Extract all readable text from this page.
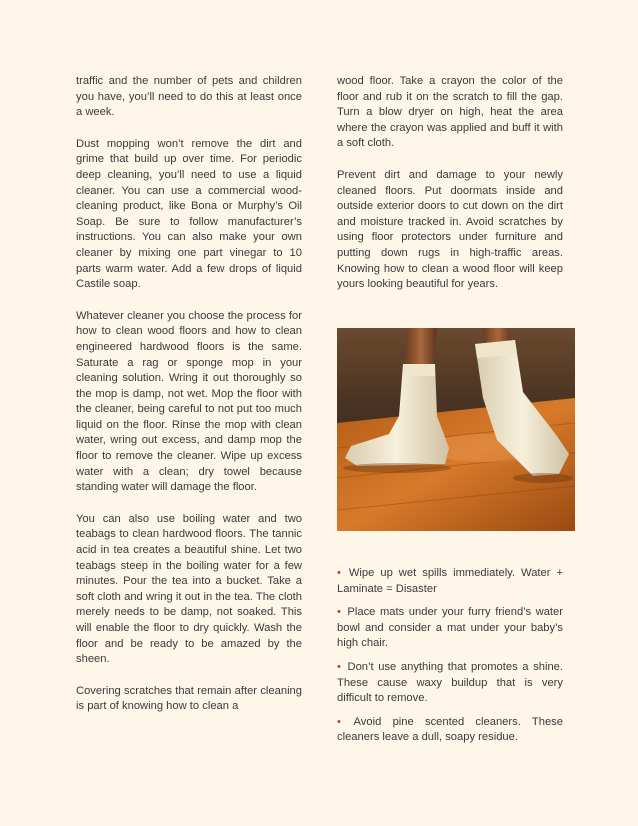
traffic and the number of pets and children you have, you’ll need to do this at least once a week.

Dust mopping won’t remove the dirt and grime that build up over time. For periodic deep cleaning, you’ll need to use a liquid cleaner. You can use a commercial wood-cleaning product, like Bona or Murphy’s Oil Soap. Be sure to follow manufacturer’s instructions. You can also make your own cleaner by mixing one part vinegar to 10 parts warm water. Add a few drops of liquid Castile soap.

Whatever cleaner you choose the process for how to clean wood floors and how to clean engineered hardwood floors is the same. Saturate a rag or sponge mop in your cleaning solution. Wring it out thoroughly so the mop is damp, not wet. Mop the floor with the cleaner, being careful to not put too much liquid on the floor. Rinse the mop with clean water, wring out excess, and damp mop the floor to remove the cleaner. Wipe up excess water with a clean; dry towel because standing water will damage the floor.

You can also use boiling water and two teabags to clean hardwood floors. The tannic acid in tea creates a beautiful shine. Let two teabags steep in the boiling water for a few minutes. Pour the tea into a bucket. Take a soft cloth and wring it out in the tea. The cloth merely needs to be damp, not soaked. This will enable the floor to dry quickly. Wash the floor and be ready to be amazed by the sheen.

Covering scratches that remain after cleaning is part of knowing how to clean a

wood floor. Take a crayon the color of the floor and rub it on the scratch to fill the gap. Turn a blow dryer on high, heat the area where the crayon was applied and buff it with a soft cloth.

Prevent dirt and damage to your newly cleaned floors. Put doormats inside and outside exterior doors to cut down on the dirt and moisture tracked in. Avoid scratches by using floor protectors under furniture and putting down rugs in high-traffic areas. Knowing how to clean a wood floor will keep yours looking beautiful for years.

• Wipe up wet spills immediately. Water + Laminate = Disaster

• Place mats under your furry friend’s water bowl and consider a mat under your baby’s high chair.

• Don’t use anything that promotes a shine. These cause waxy buildup that is very difficult to remove.

• Avoid pine scented cleaners. These cleaners leave a dull, soapy residue.
